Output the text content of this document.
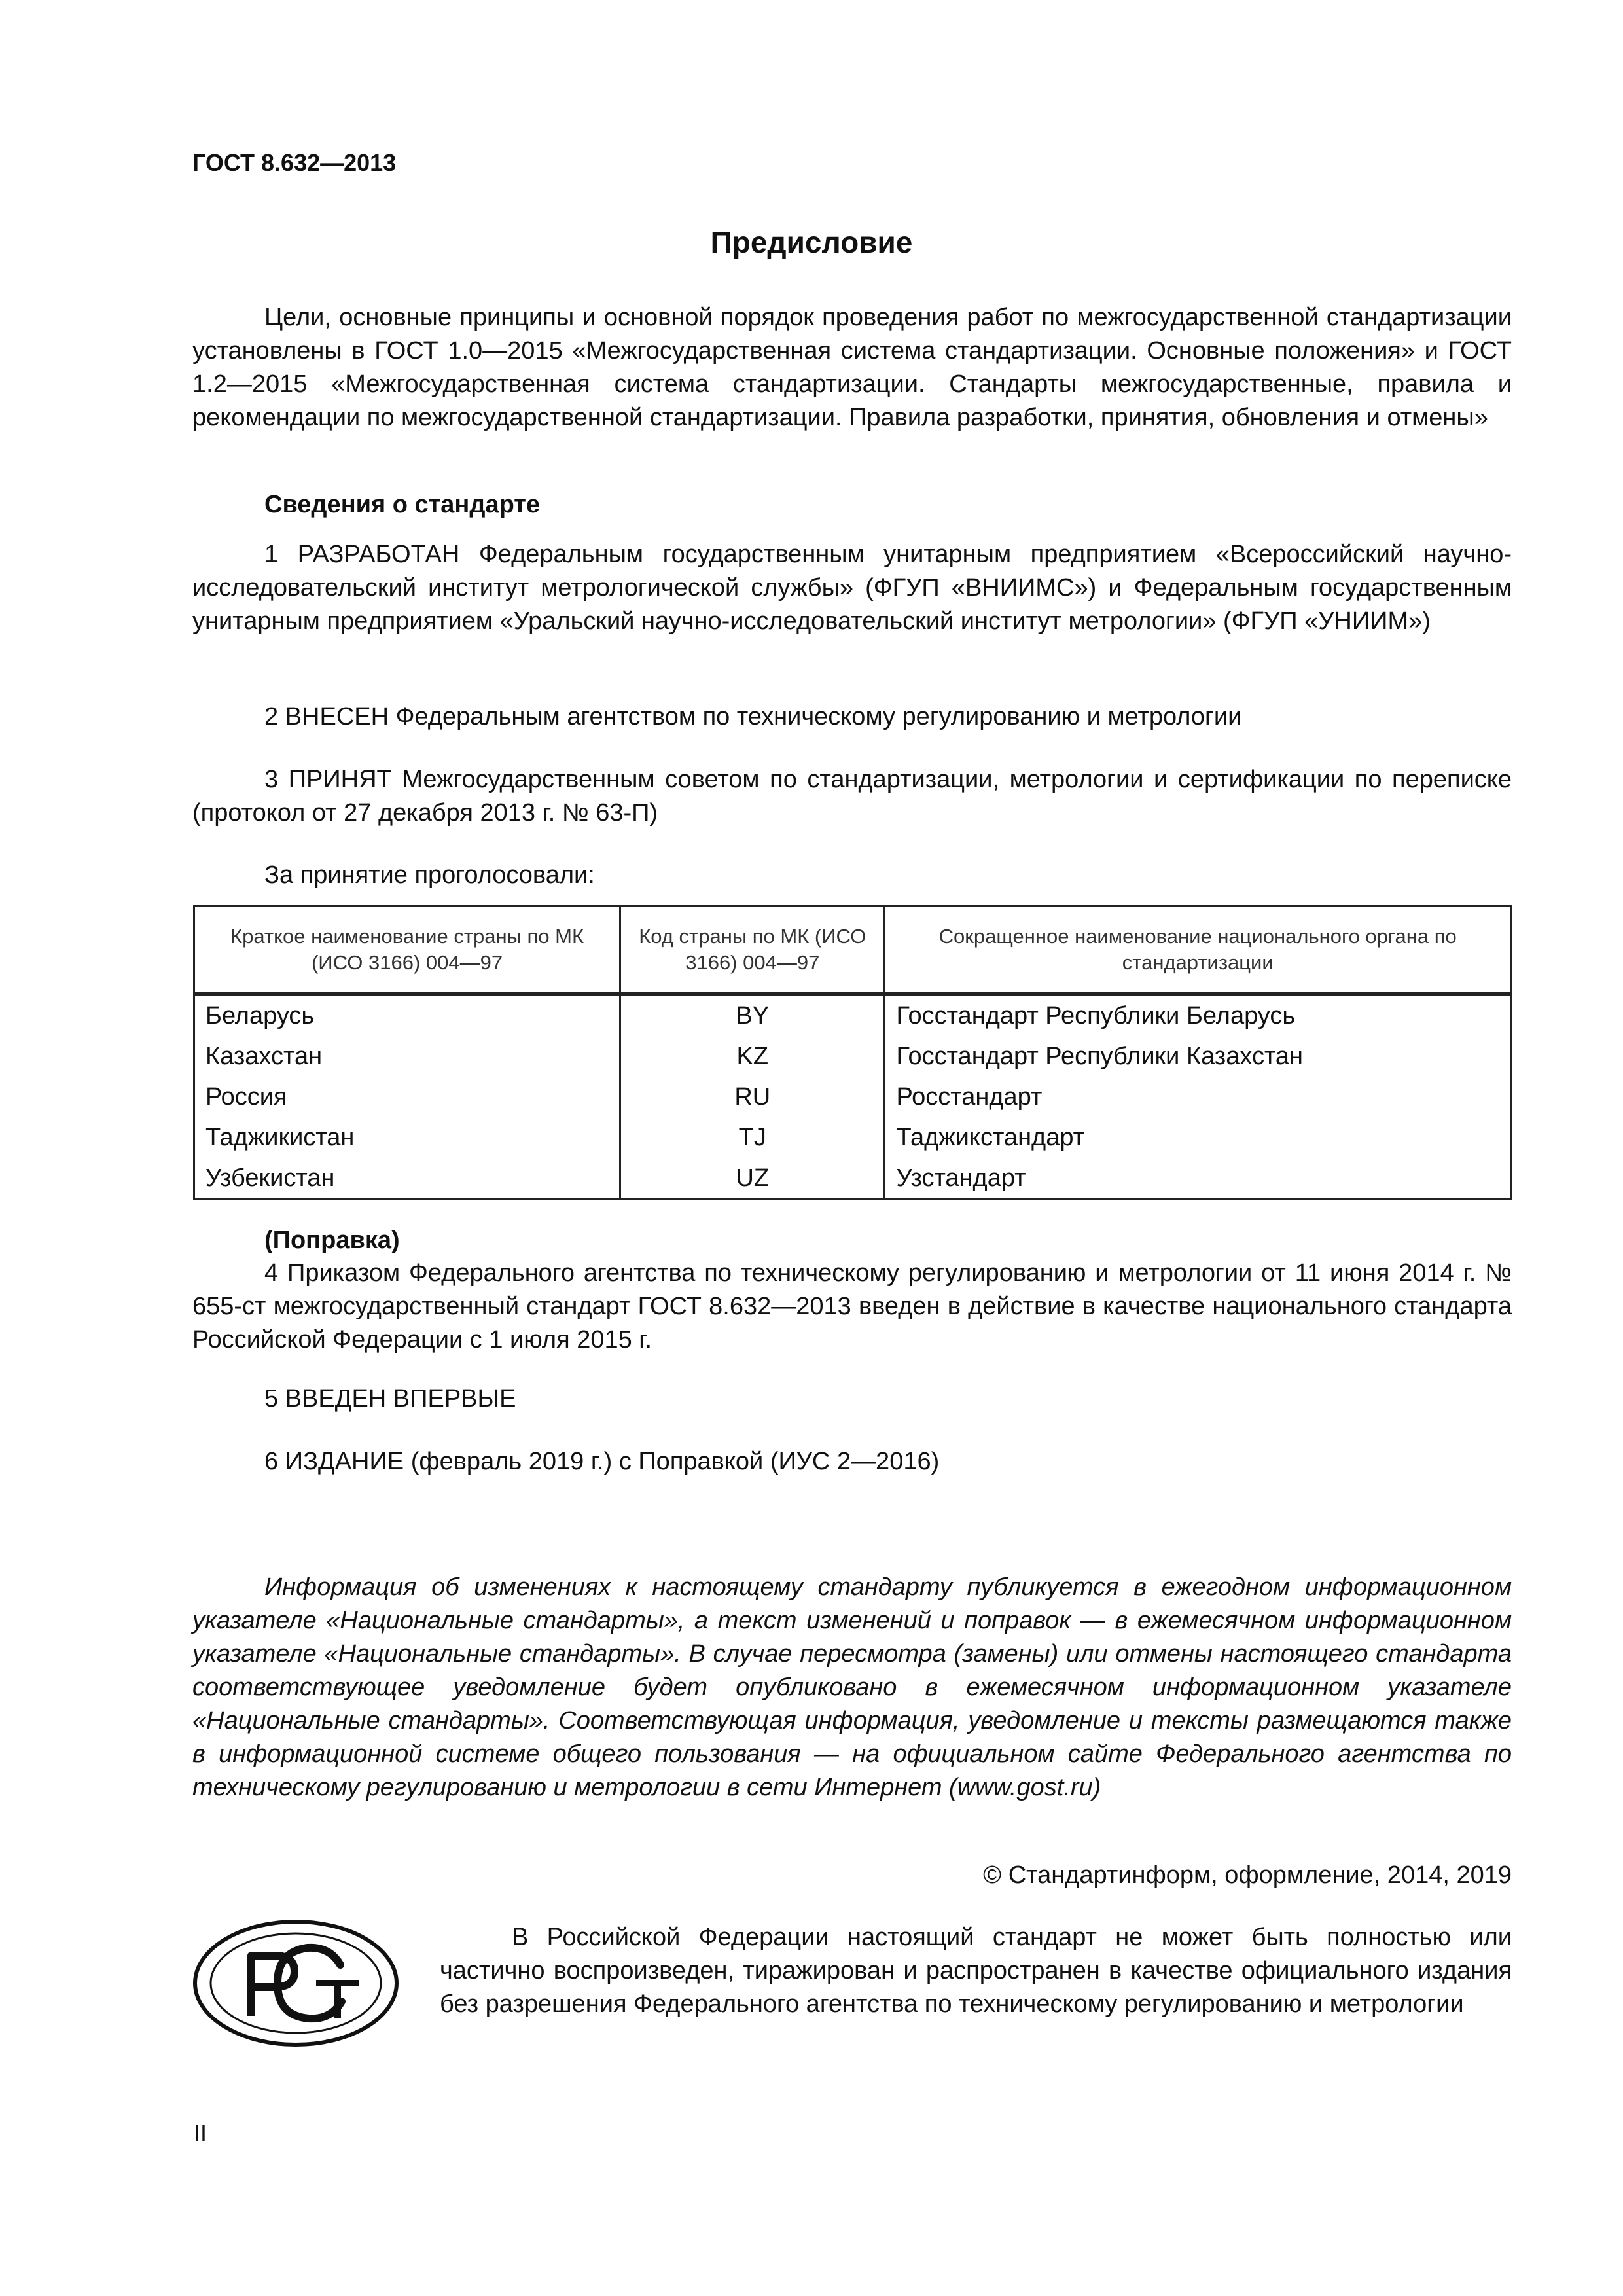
ГОСТ 8.632—2013
Предисловие

Цели, основные принципы и основной порядок проведения работ по межгосударственной стандартизации установлены в ГОСТ 1.0—2015 «Межгосударственная система стандартизации. Основные положения» и ГОСТ 1.2—2015 «Межгосударственная система стандартизации. Стандарты межгосударственные, правила и рекомендации по межгосударственной стандартизации. Правила разработки, принятия, обновления и отмены»

Сведения о стандарте

1 РАЗРАБОТАН Федеральным государственным унитарным предприятием «Всероссийский научно-исследовательский институт метрологической службы» (ФГУП «ВНИИМС») и Федеральным государственным унитарным предприятием «Уральский научно-исследовательский институт метрологии» (ФГУП «УНИИМ»)

2 ВНЕСЕН Федеральным агентством по техническому регулированию и метрологии

3 ПРИНЯТ Межгосударственным советом по стандартизации, метрологии и сертификации по переписке (протокол от 27 декабря 2013 г. № 63-П)

За принятие проголосовали:
Краткое наименование страны по МК (ИСО 3166) 004—97	Код страны по МК (ИСО 3166) 004—97	Сокращенное наименование национального органа по стандартизации
Беларусь	BY	Госстандарт Республики Беларусь
Казахстан	KZ	Госстандарт Республики Казахстан
Россия	RU	Росстандарт
Таджикистан	TJ	Таджикстандарт
Узбекистан	UZ	Узстандарт
(Поправка)

4 Приказом Федерального агентства по техническому регулированию и метрологии от 11 июня 2014 г. № 655-ст межгосударственный стандарт ГОСТ 8.632—2013 введен в действие в качестве национального стандарта Российской Федерации с 1 июля 2015 г.

5 ВВЕДЕН ВПЕРВЫЕ
6 ИЗДАНИЕ (февраль 2019 г.) с Поправкой (ИУС 2—2016)

Информация об изменениях к настоящему стандарту публикуется в ежегодном информационном указателе «Национальные стандарты», а текст изменений и поправок — в ежемесячном информационном указателе «Национальные стандарты». В случае пересмотра (замены) или отмены настоящего стандарта соответствующее уведомление будет опубликовано в ежемесячном информационном указателе «Национальные стандарты». Соответствующая информация, уведомление и тексты размещаются также в информационной системе общего пользования — на официальном сайте Федерального агентства по техническому регулированию и метрологии в сети Интернет (www.gost.ru)

© Стандартинформ, оформление, 2014, 2019

В Российской Федерации настоящий стандарт не может быть полностью или частично воспроизведен, тиражирован и распространен в качестве официального издания без разрешения Федерального агентства по техническому регулированию и метрологии

II
